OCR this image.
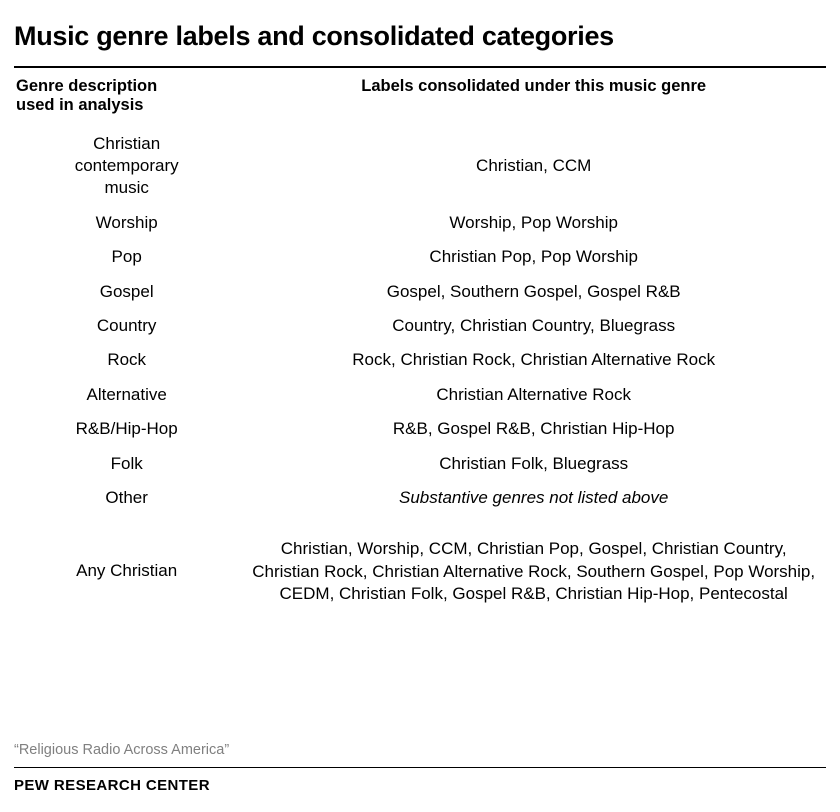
Music genre labels and consolidated categories
Genre description
used in analysis	Labels consolidated under this music genre
Christian
contemporary
music	Christian, CCM
Worship	Worship, Pop Worship
Pop	Christian Pop, Pop Worship
Gospel	Gospel, Southern Gospel, Gospel R&B
Country	Country, Christian Country, Bluegrass
Rock	Rock, Christian Rock, Christian Alternative Rock
Alternative	Christian Alternative Rock
R&B/Hip-Hop	R&B, Gospel R&B, Christian Hip-Hop
Folk	Christian Folk, Bluegrass
Other	Substantive genres not listed above

Any Christian	Christian, Worship, CCM, Christian Pop, Gospel, Christian Country, Christian Rock, Christian Alternative Rock, Southern Gospel, Pop Worship, CEDM, Christian Folk, Gospel R&B, Christian Hip-Hop, Pentecostal
“Religious Radio Across America”
PEW RESEARCH CENTER
